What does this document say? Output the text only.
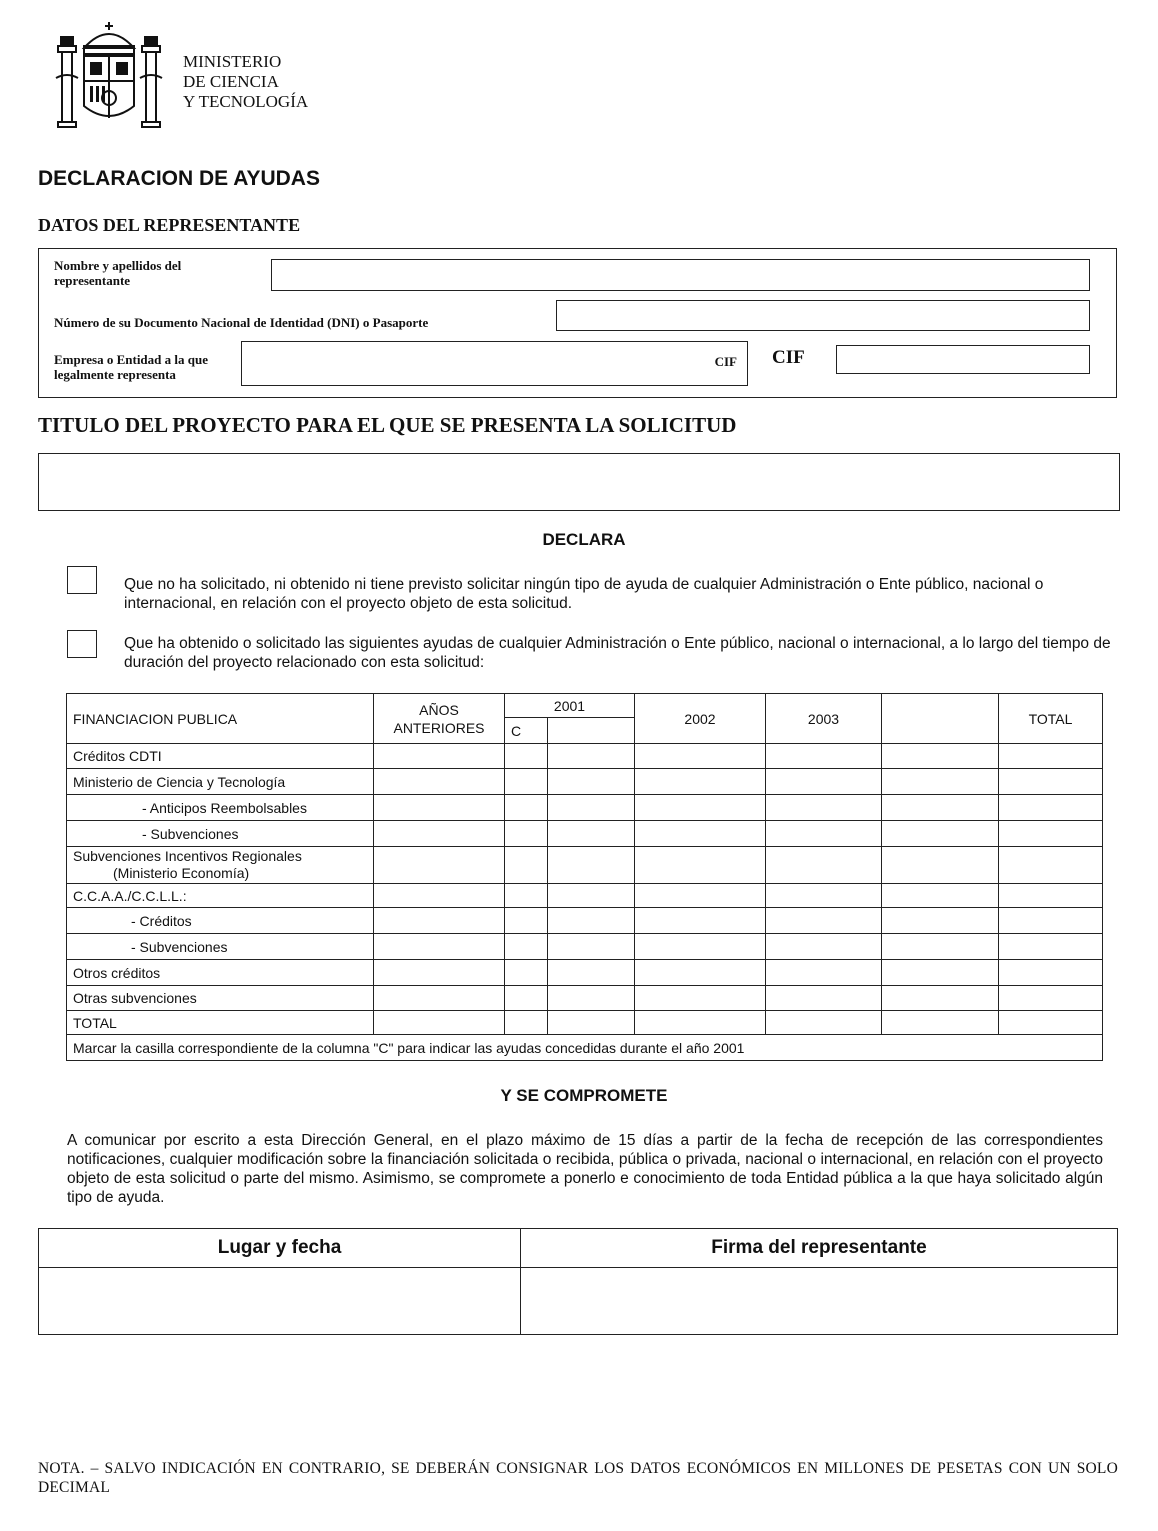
MINISTERIO
DE CIENCIA
Y TECNOLOGÍA
DECLARACION DE AYUDAS
DATOS DEL REPRESENTANTE
Nombre y apellidos del representante
Número de su Documento Nacional de Identidad (DNI) o Pasaporte
Empresa o Entidad a la que legalmente representa
CIF CIF
TITULO DEL PROYECTO PARA EL QUE SE PRESENTA LA SOLICITUD
DECLARA
Que no ha solicitado, ni obtenido ni tiene previsto solicitar ningún tipo de ayuda de cualquier Administración o Ente público, nacional o internacional, en relación con el proyecto objeto de esta solicitud.
Que ha obtenido o solicitado las siguientes ayudas de cualquier Administración o Ente público, nacional o internacional, a lo largo del tiempo de duración del proyecto relacionado con esta solicitud:
FINANCIACION PUBLICA	AÑOS ANTERIORES	2001		2002	2003		TOTAL
		C					
Créditos CDTI							
Ministerio de Ciencia y Tecnología							
- Anticipos Reembolsables							
- Subvenciones							

Subvenciones Incentivos Regionales
(Ministerio Economía)							

C.C.A.A./C.C.L.L.:							
- Créditos							
- Subvenciones							
Otros créditos							
Otras subvenciones							
TOTAL							
Marcar la casilla correspondiente de la columna "C" para indicar las ayudas concedidas durante el año 2001							
Y SE COMPROMETE
A comunicar por escrito a esta Dirección General, en el plazo máximo de 15 días a partir de la fecha de recepción de las correspondientes notificaciones, cualquier modificación sobre la financiación solicitada o recibida, pública o privada, nacional o internacional, en relación con el proyecto objeto de esta solicitud o parte del mismo. Asimismo, se compromete a ponerlo e conocimiento de toda Entidad pública a la que haya solicitado algún tipo de ayuda.
Lugar y fecha	Firma del representante

NOTA. – SALVO INDICACIÓN EN CONTRARIO, SE DEBERÁN CONSIGNAR LOS DATOS ECONÓMICOS EN MILLONES DE PESETAS CON UN SOLO DECIMAL
